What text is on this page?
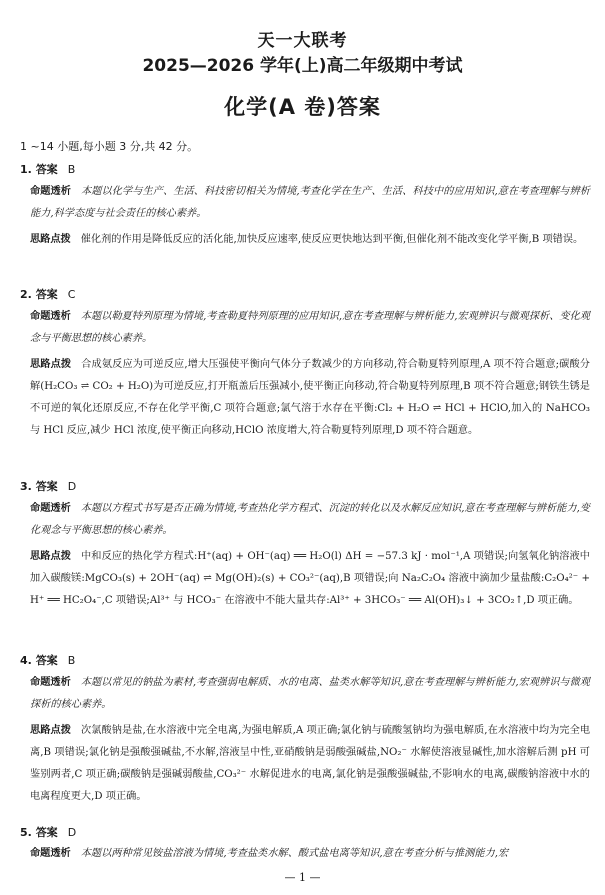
天一大联考
2025—2026 学年(上)高二年级期中考试
化学(A 卷)答案
1 ~14 小题,每小题 3 分,共 42 分。
1. 答案 B
命题透析 本题以化学与生产、生活、科技密切相关为情境,考查化学在生产、生活、科技中的应用知识,意在考查理解与辨析能力,科学态度与社会责任的核心素养。
思路点拨 催化剂的作用是降低反应的活化能,加快反应速率,使反应更快地达到平衡,但催化剂不能改变化学平衡,B 项错误。
2. 答案 C
命题透析 本题以勒夏特列原理为情境,考查勒夏特列原理的应用知识,意在考查理解与辨析能力,宏观辨识与微观探析、变化观念与平衡思想的核心素养。
思路点拨 合成氨反应为可逆反应,增大压强使平衡向气体分子数减少的方向移动,符合勒夏特列原理,A 项不符合题意;碳酸分解(H₂CO₃ ⇌ CO₂ + H₂O)为可逆反应,打开瓶盖后压强减小,使平衡正向移动,符合勒夏特列原理,B 项不符合题意;钢铁生锈是不可逆的氧化还原反应,不存在化学平衡,C 项符合题意;氯气溶于水存在平衡:Cl₂ + H₂O ⇌ HCl + HClO,加入的 NaHCO₃ 与 HCl 反应,减少 HCl 浓度,使平衡正向移动,HClO 浓度增大,符合勒夏特列原理,D 项不符合题意。
3. 答案 D
命题透析 本题以方程式书写是否正确为情境,考查热化学方程式、沉淀的转化以及水解反应知识,意在考查理解与辨析能力,变化观念与平衡思想的核心素养。
思路点拨 中和反应的热化学方程式:H⁺(aq) + OH⁻(aq) ══ H₂O(l) ΔH = −57.3 kJ · mol⁻¹,A 项错误;向氢氧化钠溶液中加入碳酸镁:MgCO₃(s) + 2OH⁻(aq) ⇌ Mg(OH)₂(s) + CO₃²⁻(aq),B 项错误;向 Na₂C₂O₄ 溶液中滴加少量盐酸:C₂O₄²⁻ + H⁺ ══ HC₂O₄⁻,C 项错误;Al³⁺ 与 HCO₃⁻ 在溶液中不能大量共存:Al³⁺ + 3HCO₃⁻ ══ Al(OH)₃↓ + 3CO₂↑,D 项正确。
4. 答案 B
命题透析 本题以常见的钠盐为素材,考查强弱电解质、水的电离、盐类水解等知识,意在考查理解与辨析能力,宏观辨识与微观探析的核心素养。
思路点拨 次氯酸钠是盐,在水溶液中完全电离,为强电解质,A 项正确;氯化钠与硫酸氢钠均为强电解质,在水溶液中均为完全电离,B 项错误;氯化钠是强酸强碱盐,不水解,溶液呈中性,亚硝酸钠是弱酸强碱盐,NO₂⁻ 水解使溶液显碱性,加水溶解后测 pH 可鉴别两者,C 项正确;碳酸钠是强碱弱酸盐,CO₃²⁻ 水解促进水的电离,氯化钠是强酸强碱盐,不影响水的电离,碳酸钠溶液中水的电离程度更大,D 项正确。
5. 答案 D
命题透析 本题以两种常见铵盐溶液为情境,考查盐类水解、酸式盐电离等知识,意在考查分析与推测能力,宏
— 1 —
